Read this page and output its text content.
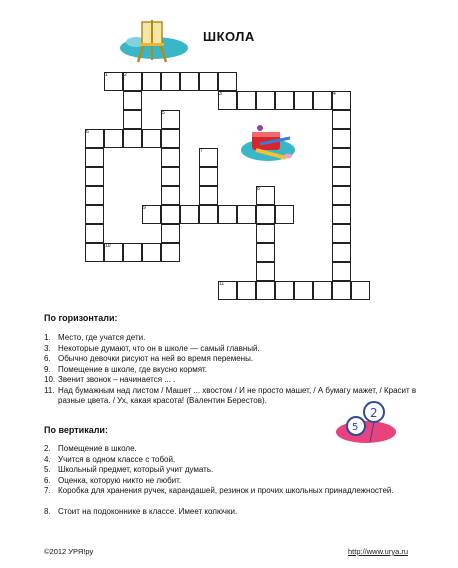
ШКОЛА
1	2
3	4
5
6
7
8
9
10
11
По горизонтали:
1. Место, где учатся дети.
3. Некоторые думают, что он в школе — самый главный.
6. Обычно девочки рисуют на ней во время перемены.
9. Помещение в школе, где вкусно кормят.
10. Звенит звонок – начинается ... .
11. Над бумажным над листом / Машет ... хвостом / И не просто машет, / А бумагу мажет, / Красит в разные цвета. / Ух, какая красота! (Валентин Берестов).
По вертикали:
2. Помещение в школе.
4. Учится в одном классе с тобой.
5. Школьный предмет, который учит думать.
6. Оценка, которую никто не любит.
7. Коробка для хранения ручек, карандашей, резинок и прочих школьных принадлежностей.
8. Стоит на подоконнике в классе. Имеет колючки.
2
5
©2012 УРЯ!ру	http://www.urya.ru
